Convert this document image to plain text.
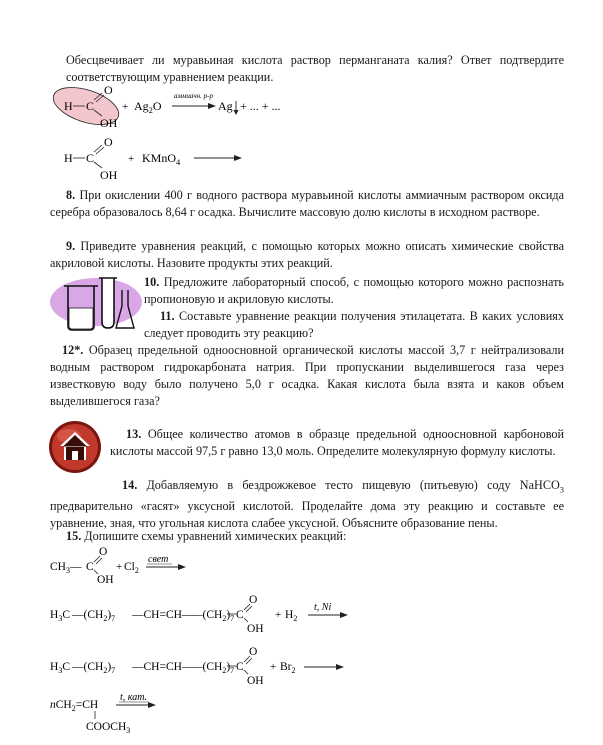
Обесцвечивает ли муравьиная кислота раствор перманганата калия? Ответ подтвердите соответствующим уравнением реакции.
H C
O
OH
+ $Ag_2O$
аммиачн. р-р
Ag + ... + ...
H C
O
OH
+ KMnO$_4$
8. При окислении 400 г водного раствора муравьиной кислоты аммиачным раствором оксида серебра образовалось 8,64 г осадка. Вычислите массовую долю кислоты в исходном растворе.
9. Приведите уравнения реакций, с помощью которых можно описать химические свойства акриловой кислоты. Назовите продукты этих реакций.
10. Предложите лабораторный способ, с помощью которого можно распознать пропионовую и акриловую кислоты.
11. Составьте уравнение реакции получения этилацетата. В каких условиях следует проводить эту реакцию?
12*. Образец предельной одноосновной органической кислоты массой 3,7 г нейтрализовали водным раствором гидрокарбоната натрия. При пропускании выделившегося газа через известковую воду было получено 5,0 г осадка. Какая кислота была взята и каков объем выделившегося газа?
13. Общее количество атомов в образце предельной одноосновной карбоновой кислоты массой 97,5 г равно 13,0 моль. Определите молекулярную формулу кислоты.
14. Добавляемую в бездрожжевое тесто пищевую (питьевую) соду NaHCO$_3$ предварительно «гасят» уксусной кислотой. Проделайте дома эту реакцию и составьте ее уравнение, зная, что угольная кислота слабее уксусной. Объясните образование пены.
15. Допишите схемы уравнений химических реакций:
$CH_3—$ C
O
OH
+ $Cl_2$
свет
$H_3C$ $—(CH_2)_7$ —CH=CH—
$—(CH_2)_7$ C
O
OH
+ $H_2$
t, Ni
$H_3C$ $—(CH_2)_7$ —CH=CH—
$—(CH_2)_7$ C
O
OH
+ $Br_2$
nCH$_2$=CH
$COOCH_3$
t, кат.
